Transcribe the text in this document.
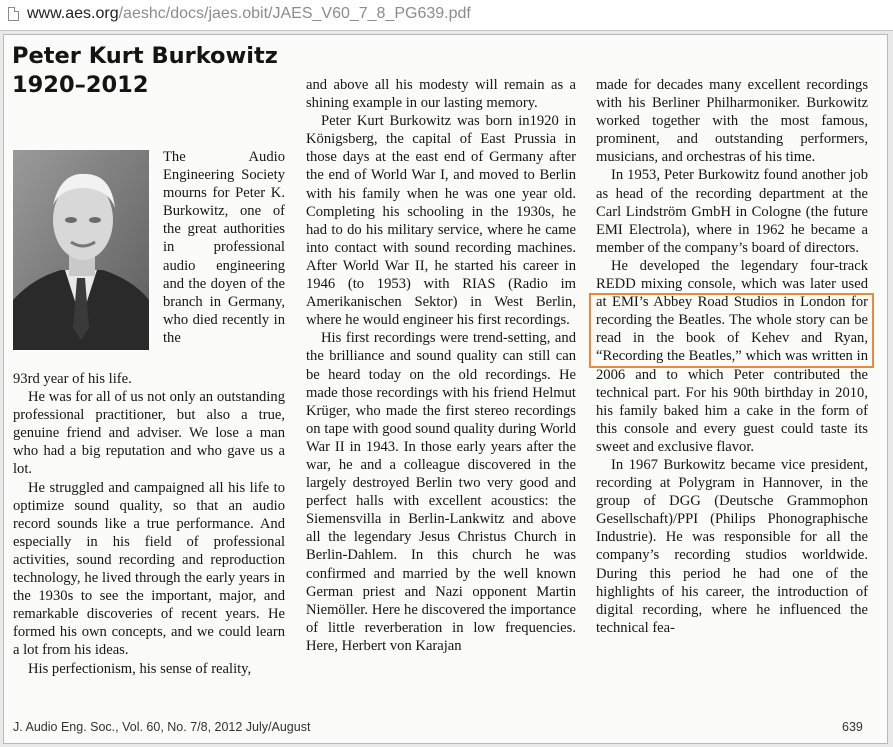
www.aes.org/aeshc/docs/jaes.obit/JAES_V60_7_8_PG639.pdf
Peter Kurt Burkowitz
1920–2012

The Audio Engineering Society mourns for Peter K. Burkowitz, one of the great authorities in professional audio engineering and the doyen of the branch in Germany, who died recently in the

93rd year of his life.

He was for all of us not only an outstanding professional practitioner, but also a true, genuine friend and adviser. We lose a man who had a big reputation and who gave us a lot.

He struggled and campaigned all his life to optimize sound quality, so that an audio record sounds like a true performance. And especially in his field of professional activities, sound recording and reproduction technology, he lived through the early years in the 1930s to see the important, major, and remarkable discoveries of recent years. He formed his own concepts, and we could learn a lot from his ideas.

His perfectionism, his sense of reality,

and above all his modesty will remain as a shining example in our lasting memory.

Peter Kurt Burkowitz was born in1920 in Königsberg, the capital of East Prussia in those days at the east end of Germany after the end of World War I, and moved to Berlin with his family when he was one year old. Completing his schooling in the 1930s, he had to do his military service, where he came into contact with sound recording machines. After World War II, he started his career in 1946 (to 1953) with RIAS (Radio im Amerikanischen Sektor) in West Berlin, where he would engineer his first recordings.

His first recordings were trend-setting, and the brilliance and sound quality can still can be heard today on the old recordings. He made those recordings with his friend Helmut Krüger, who made the first stereo recordings on tape with good sound quality during World War II in 1943. In those early years after the war, he and a colleague discovered in the largely destroyed Berlin two very good and perfect halls with excellent acoustics: the Siemensvilla in Berlin-Lankwitz and above all the legendary Jesus Christus Church in Berlin-Dahlem. In this church he was confirmed and married by the well known German priest and Nazi opponent Martin Niemöller. Here he discovered the importance of little reverberation in low frequencies. Here, Herbert von Karajan

made for decades many excellent recordings with his Berliner Philharmoniker. Burkowitz worked together with the most famous, prominent, and outstanding performers, musicians, and orchestras of his time.

In 1953, Peter Burkowitz found another job as head of the recording department at the Carl Lindström GmbH in Cologne (the future EMI Electrola), where in 1962 he became a member of the company’s board of directors.

He developed the legendary four-track REDD mixing console, which was later used at EMI’s Abbey Road Studios in London for recording the Beatles. The whole story can be read in the book of Kehev and Ryan, “Recording the Beatles,” which was written in 2006 and to which Peter contributed the technical part. For his 90th birthday in 2010, his family baked him a cake in the form of this console and every guest could taste its sweet and exclusive flavor.

In 1967 Burkowitz became vice president, recording at Polygram in Hannover, in the group of DGG (Deutsche Grammophon Gesellschaft)/PPI (Philips Phonographische Industrie). He was responsible for all the company’s recording studios worldwide. During this period he had one of the highlights of his career, the introduction of digital recording, where he influenced the technical fea-

J. Audio Eng. Soc., Vol. 60, No. 7/8, 2012 July/August	639
